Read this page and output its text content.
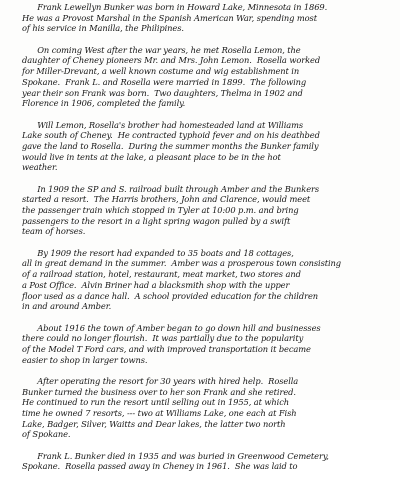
Frank Lewellyn Bunker was born in Howard Lake, Minnesota in 1869.
He was a Provost Marshal in the Spanish American War, spending most
of his service in Manilla, the Philipines.

On coming West after the war years, he met Rosella Lemon, the
daughter of Cheney pioneers Mr. and Mrs. John Lemon.  Rosella worked
for Miller-Drevant, a well known costume and wig establishment in
Spokane.  Frank L. and Rosella were married in 1899.  The following
year their son Frank was born.  Two daughters, Thelma in 1902 and
Florence in 1906, completed the family.

Will Lemon, Rosella's brother had homesteaded land at Williams
Lake south of Cheney.  He contracted typhoid fever and on his deathbed
gave the land to Rosella.  During the summer months the Bunker family
would live in tents at the lake, a pleasant place to be in the hot
weather.

In 1909 the SP and S. railroad built through Amber and the Bunkers
started a resort.  The Harris brothers, John and Clarence, would meet
the passenger train which stopped in Tyler at 10:00 p.m. and bring
passengers to the resort in a light spring wagon pulled by a swift
team of horses.

By 1909 the resort had expanded to 35 boats and 18 cottages,
all in great demand in the summer.  Amber was a prosperous town consisting
of a railroad station, hotel, restaurant, meat market, two stores and
a Post Office.  Alvin Briner had a blacksmith shop with the upper
floor used as a dance hall.  A school provided education for the children
in and around Amber.

About 1916 the town of Amber began to go down hill and businesses
there could no longer flourish.  It was partially due to the popularity
of the Model T Ford cars, and with improved transportation it became
easier to shop in larger towns.

After operating the resort for 30 years with hired help.  Rosella
Bunker turned the business over to her son Frank and she retired.
He continued to run the resort until selling out in 1955, at which
time he owned 7 resorts, --- two at Williams Lake, one each at Fish
Lake, Badger, Silver, Waitts and Dear lakes, the latter two north
of Spokane.

Frank L. Bunker died in 1935 and was buried in Greenwood Cemetery,
Spokane.  Rosella passed away in Cheney in 1961.  She was laid to
